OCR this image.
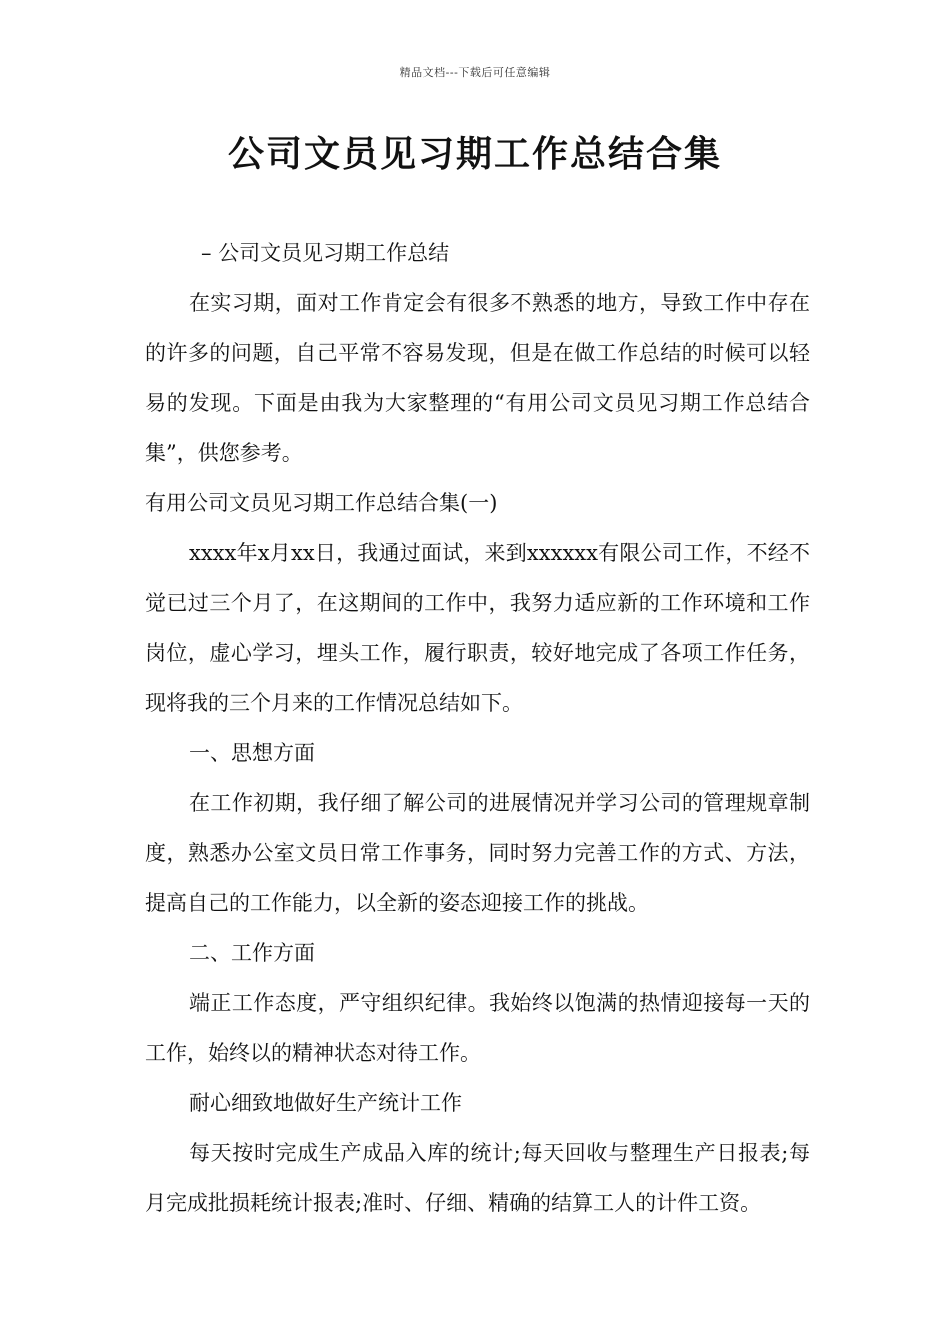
精品文档---下载后可任意编辑
公司文员见习期工作总结合集

– 公司文员见习期工作总结

在实习期，面对工作肯定会有很多不熟悉的地方，导致工作中存在的许多的问题，自己平常不容易发现，但是在做工作总结的时候可以轻易的发现。下面是由我为大家整理的“有用公司文员见习期工作总结合集”，供您参考。

有用公司文员见习期工作总结合集(一)

xxxx年x月xx日，我通过面试，来到xxxxxx有限公司工作，不经不觉已过三个月了，在这期间的工作中，我努力适应新的工作环境和工作岗位，虚心学习，埋头工作，履行职责，较好地完成了各项工作任务，现将我的三个月来的工作情况总结如下。

一、思想方面

在工作初期，我仔细了解公司的进展情况并学习公司的管理规章制度，熟悉办公室文员日常工作事务，同时努力完善工作的方式、方法，提高自己的工作能力，以全新的姿态迎接工作的挑战。

二、工作方面

端正工作态度，严守组织纪律。我始终以饱满的热情迎接每一天的工作，始终以的精神状态对待工作。

耐心细致地做好生产统计工作

每天按时完成生产成品入库的统计;每天回收与整理生产日报表;每月完成批损耗统计报表;准时、仔细、精确的结算工人的计件工资。
